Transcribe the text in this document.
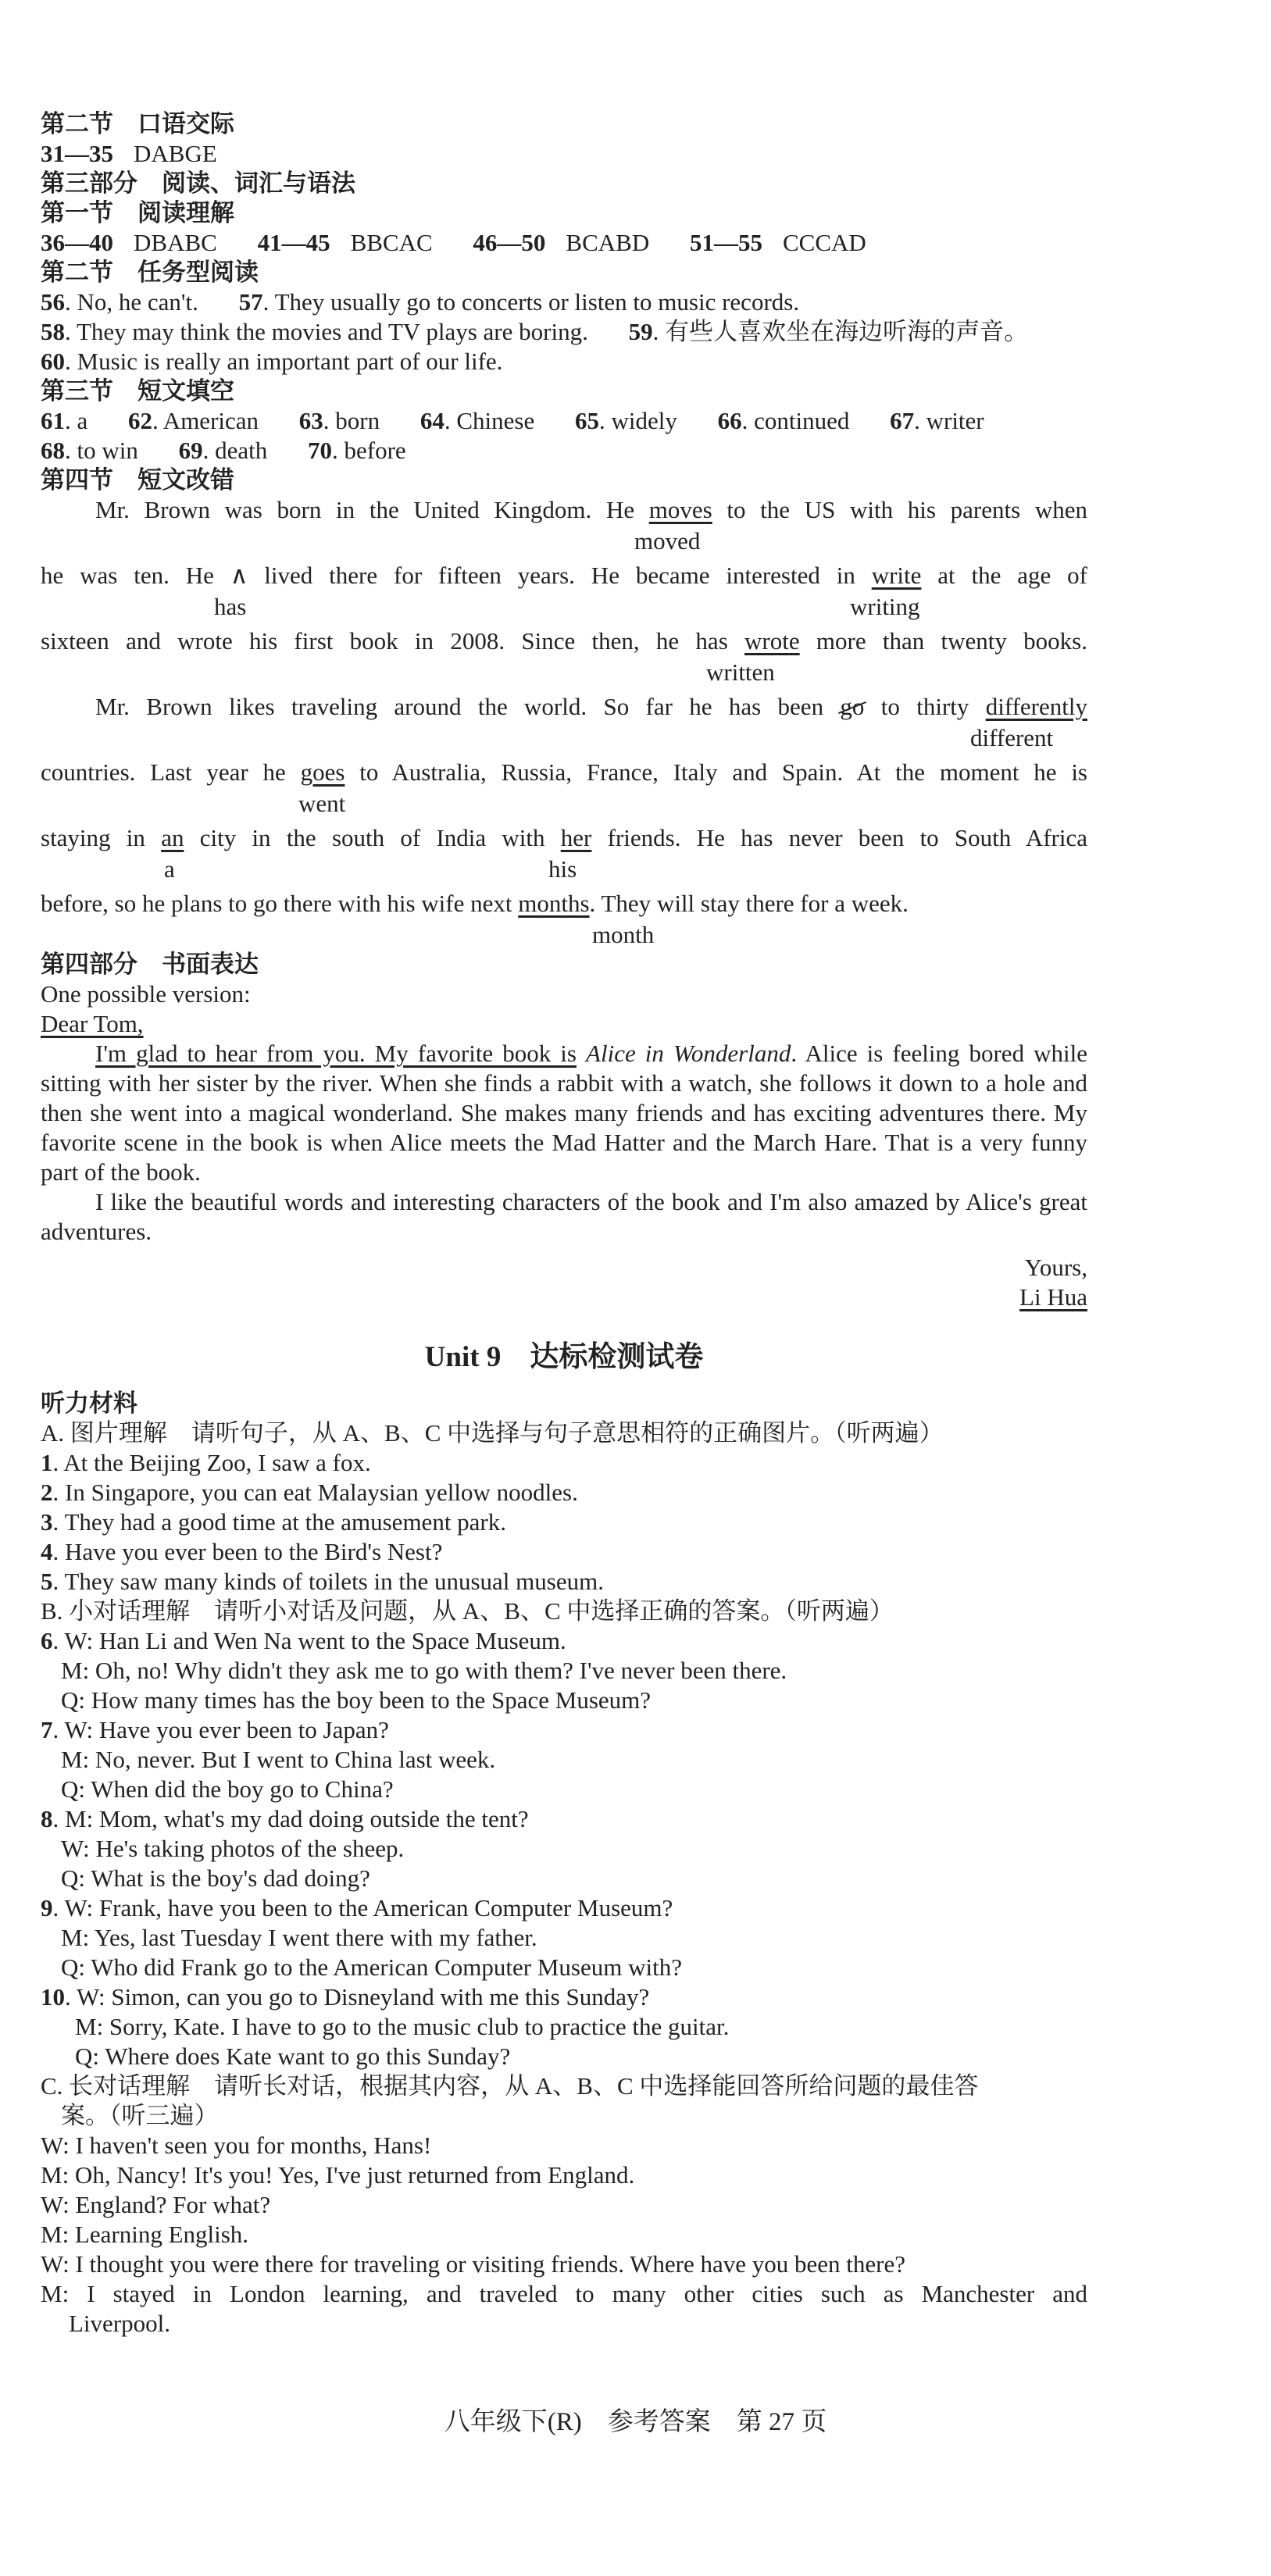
第二节　口语交际
31—35 DABGE
第三部分　阅读、词汇与语法
第一节　阅读理解
36—40 DBABC 41—45 BBCAC 46—50 BCABD 51—55 CCCAD
第二节　任务型阅读
56. No, he can't. 57. They usually go to concerts or listen to music records.
58. They may think the movies and TV plays are boring. 59. 有些人喜欢坐在海边听海的声音。
60. Music is really an important part of our life.
第三节　短文填空
61. a 62. American 63. born 64. Chinese 65. widely 66. continued 67. writer
68. to win 69. death 70. before
第四节　短文改错
Mr. Brown was born in the United Kingdom. He moves to the US with his parents when
moved
he was ten. He ∧ lived there for fifteen years. He became interested in write at the age of
has	writing
sixteen and wrote his first book in 2008. Since then, he has wrote more than twenty books.
written
Mr. Brown likes traveling around the world. So far he has been go to thirty differently
different
countries. Last year he goes to Australia, Russia, France, Italy and Spain. At the moment he is
went
staying in an city in the south of India with her friends. He has never been to South Africa
a	his
before, so he plans to go there with his wife next months. They will stay there for a week.
month
第四部分　书面表达
One possible version:
Dear Tom,
I'm glad to hear from you. My favorite book is Alice in Wonderland. Alice is feeling bored while sitting with her sister by the river. When she finds a rabbit with a watch, she follows it down to a hole and then she went into a magical wonderland. She makes many friends and has exciting adventures there. My favorite scene in the book is when Alice meets the Mad Hatter and the March Hare. That is a very funny part of the book.
I like the beautiful words and interesting characters of the book and I'm also amazed by Alice's great adventures.
Yours,
Li Hua
Unit 9　达标检测试卷
听力材料
A. 图片理解　请听句子，从 A、B、C 中选择与句子意思相符的正确图片。（听两遍）
1. At the Beijing Zoo, I saw a fox.
2. In Singapore, you can eat Malaysian yellow noodles.
3. They had a good time at the amusement park.
4. Have you ever been to the Bird's Nest?
5. They saw many kinds of toilets in the unusual museum.
B. 小对话理解　请听小对话及问题，从 A、B、C 中选择正确的答案。（听两遍）
6. W: Han Li and Wen Na went to the Space Museum.
M: Oh, no! Why didn't they ask me to go with them? I've never been there.
Q: How many times has the boy been to the Space Museum?
7. W: Have you ever been to Japan?
M: No, never. But I went to China last week.
Q: When did the boy go to China?
8. M: Mom, what's my dad doing outside the tent?
W: He's taking photos of the sheep.
Q: What is the boy's dad doing?
9. W: Frank, have you been to the American Computer Museum?
M: Yes, last Tuesday I went there with my father.
Q: Who did Frank go to the American Computer Museum with?
10. W: Simon, can you go to Disneyland with me this Sunday?
M: Sorry, Kate. I have to go to the music club to practice the guitar.
Q: Where does Kate want to go this Sunday?
C. 长对话理解　请听长对话，根据其内容，从 A、B、C 中选择能回答所给问题的最佳答
案。（听三遍）
W: I haven't seen you for months, Hans!
M: Oh, Nancy! It's you! Yes, I've just returned from England.
W: England? For what?
M: Learning English.
W: I thought you were there for traveling or visiting friends. Where have you been there?
M: I stayed in London learning, and traveled to many other cities such as Manchester and
Liverpool.
八年级下(R)　参考答案　第 27 页
